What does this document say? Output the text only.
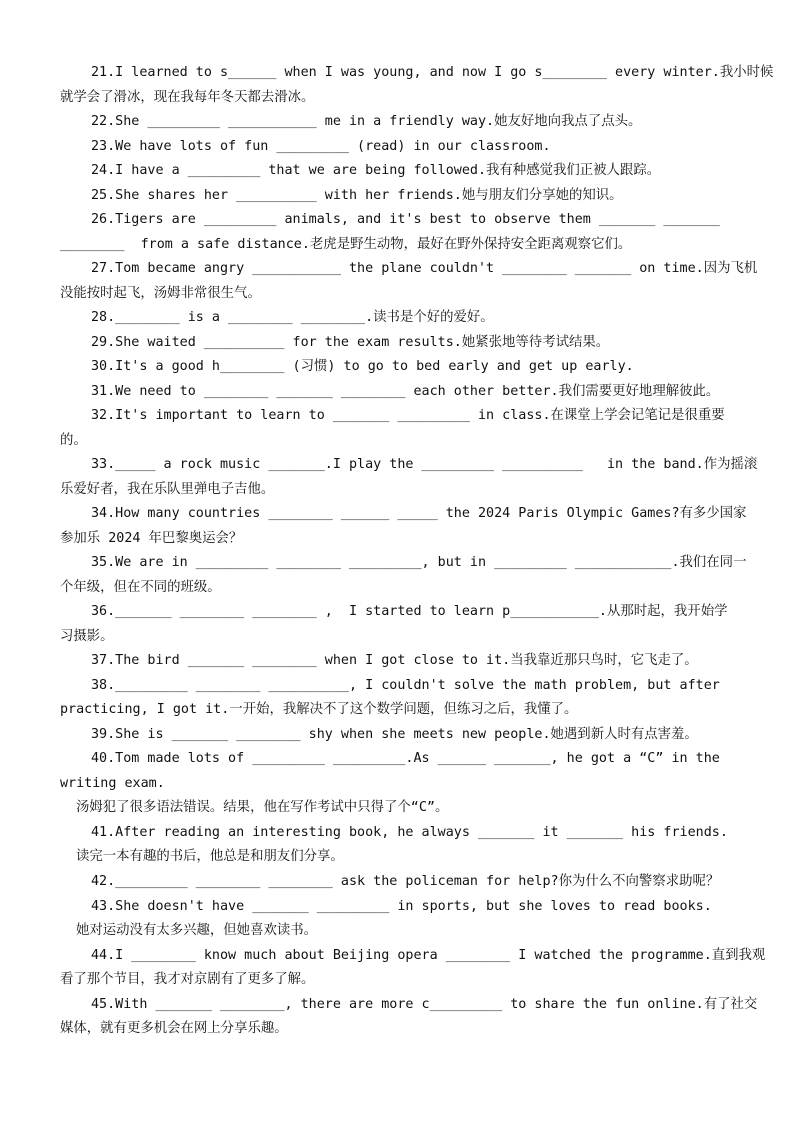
21.I learned to s______ when I was young, and now I go s________ every winter.我小时候
就学会了滑冰，现在我每年冬天都去滑冰。
22.She _________ ___________ me in a friendly way.她友好地向我点了点头。
23.We have lots of fun _________ (read) in our classroom.
24.I have a _________ that we are being followed.我有种感觉我们正被人跟踪。
25.She shares her __________ with her friends.她与朋友们分享她的知识。
26.Tigers are _________ animals, and it's best to observe them _______ _______
________  from a safe distance.老虎是野生动物，最好在野外保持安全距离观察它们。
27.Tom became angry ___________ the plane couldn't ________ _______ on time.因为飞机
没能按时起飞，汤姆非常很生气。
28.________ is a ________ ________.读书是个好的爱好。
29.She waited __________ for the exam results.她紧张地等待考试结果。
30.It's a good h________ (习惯) to go to bed early and get up early.
31.We need to ________ _______ ________ each other better.我们需要更好地理解彼此。
32.It's important to learn to _______ _________ in class.在课堂上学会记笔记是很重要
的。
33._____ a rock music _______.I play the _________ __________   in the band.作为摇滚
乐爱好者，我在乐队里弹电子吉他。
34.How many countries ________ ______ _____ the 2024 Paris Olympic Games?有多少国家
参加乐 2024 年巴黎奥运会？
35.We are in _________ ________ _________, but in _________ ____________.我们在同一
个年级，但在不同的班级。
36._______ ________ ________ ,  I started to learn p___________.从那时起，我开始学
习摄影。
37.The bird _______ ________ when I got close to it.当我靠近那只鸟时，它飞走了。
38._________ ________ __________, I couldn't solve the math problem, but after
practicing, I got it.一开始，我解决不了这个数学问题，但练习之后，我懂了。
39.She is _______ ________ shy when she meets new people.她遇到新人时有点害羞。
40.Tom made lots of _________ _________.As ______ _______, he got a “C” in the
writing exam.
汤姆犯了很多语法错误。结果，他在写作考试中只得了个“C”。
41.After reading an interesting book, he always _______ it _______ his friends.
读完一本有趣的书后，他总是和朋友们分享。
42._________ ________ ________ ask the policeman for help?你为什么不向警察求助呢？
43.She doesn't have _______ _________ in sports, but she loves to read books.
她对运动没有太多兴趣，但她喜欢读书。
44.I ________ know much about Beijing opera ________ I watched the programme.直到我观
看了那个节目，我才对京剧有了更多了解。
45.With _______ ________, there are more c_________ to share the fun online.有了社交
媒体，就有更多机会在网上分享乐趣。
